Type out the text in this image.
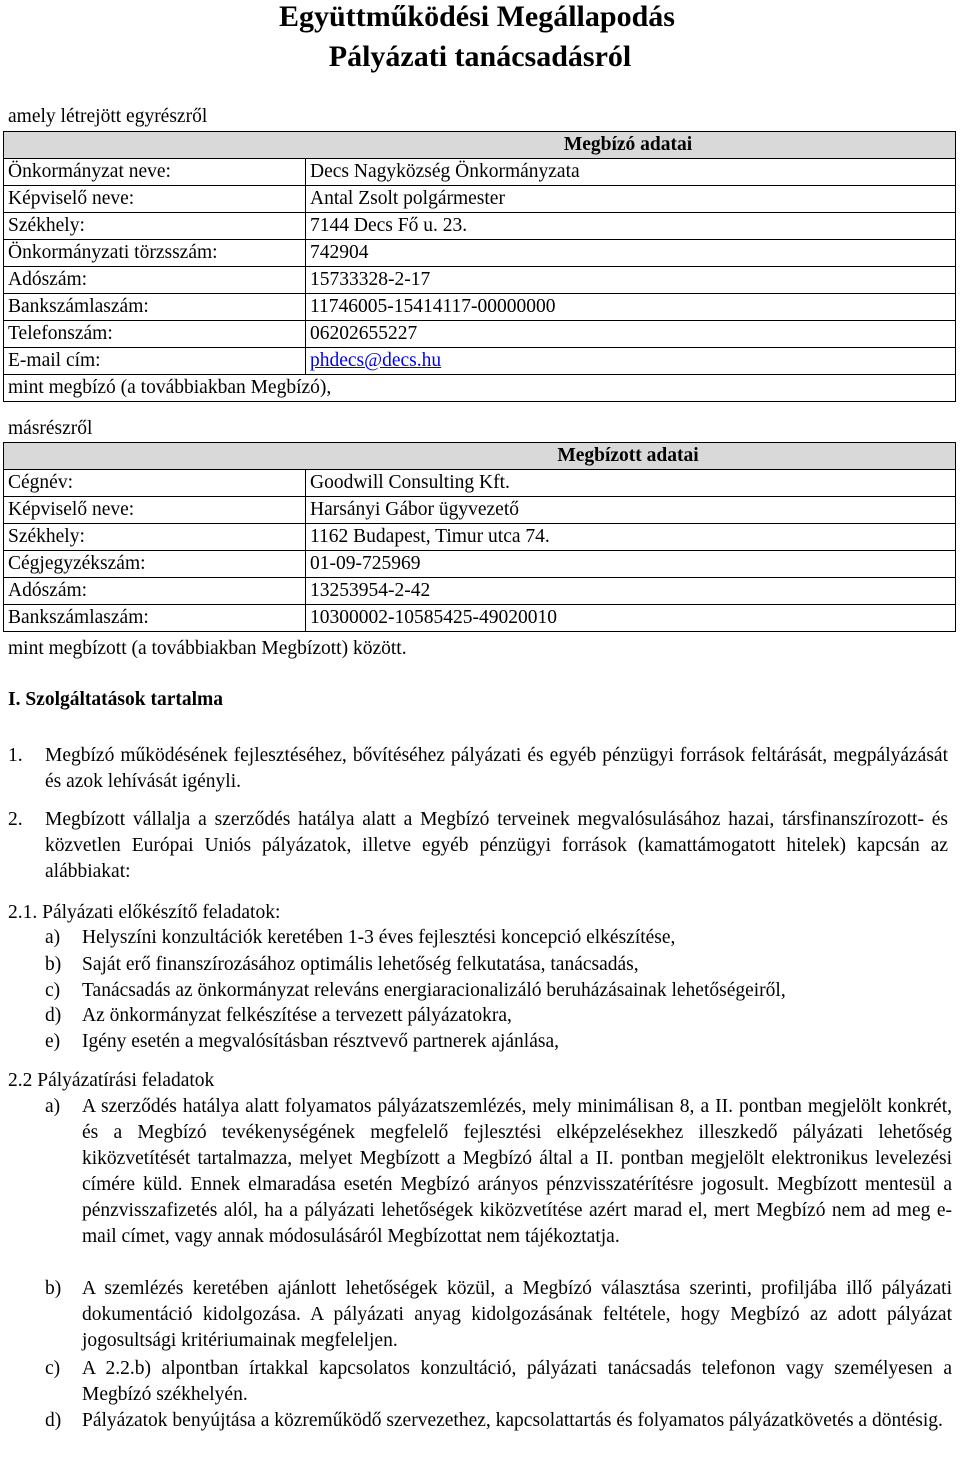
Együttműködési Megállapodás
Pályázati tanácsadásról
amely létrejött egyrészről
Megbízó adatai	
Önkormányzat neve:	Decs Nagyközség Önkormányzata
Képviselő neve:	Antal Zsolt polgármester
Székhely:	7144 Decs Fő u. 23.
Önkormányzati törzsszám:	742904
Adószám:	15733328-2-17
Bankszámlaszám:	11746005-15414117-00000000
Telefonszám:	06202655227
E-mail cím:	phdecs@decs.hu
mint megbízó (a továbbiakban Megbízó),	
másrészről
Megbízott adatai	
Cégnév:	Goodwill Consulting Kft.
Képviselő neve:	Harsányi Gábor ügyvezető
Székhely:	1162 Budapest, Timur utca 74.
Cégjegyzékszám:	01-09-725969
Adószám:	13253954-2-42
Bankszámlaszám:	10300002-10585425-49020010
mint megbízott (a továbbiakban Megbízott) között.
I. Szolgáltatások tartalma
1. Megbízó működésének fejlesztéséhez, bővítéséhez pályázati és egyéb pénzügyi források feltárását, megpályázását és azok lehívását igényli.
2. Megbízott vállalja a szerződés hatálya alatt a Megbízó terveinek megvalósulásához hazai, társfinanszírozott- és közvetlen Európai Uniós pályázatok, illetve egyéb pénzügyi források (kamattámogatott hitelek) kapcsán az alábbiakat:
2.1. Pályázati előkészítő feladatok:
a) Helyszíni konzultációk keretében 1-3 éves fejlesztési koncepció elkészítése,
b) Saját erő finanszírozásához optimális lehetőség felkutatása, tanácsadás,
c) Tanácsadás az önkormányzat releváns energiaracionalizáló beruházásainak lehetőségeiről,
d) Az önkormányzat felkészítése a tervezett pályázatokra,
e) Igény esetén a megvalósításban résztvevő partnerek ajánlása,
2.2 Pályázatírási feladatok
a) A szerződés hatálya alatt folyamatos pályázatszemlézés, mely minimálisan 8, a II. pontban megjelölt konkrét, és a Megbízó tevékenységének megfelelő fejlesztési elképzelésekhez illeszkedő pályázati lehetőség kiközvetítését tartalmazza, melyet Megbízott a Megbízó által a II. pontban megjelölt elektronikus levelezési címére küld. Ennek elmaradása esetén Megbízó arányos pénzvisszatérítésre jogosult. Megbízott mentesül a pénzvisszafizetés alól, ha a pályázati lehetőségek kiközvetítése azért marad el, mert Megbízó nem ad meg e-mail címet, vagy annak módosulásáról Megbízottat nem tájékoztatja.
b) A szemlézés keretében ajánlott lehetőségek közül, a Megbízó választása szerinti, profiljába illő pályázati dokumentáció kidolgozása. A pályázati anyag kidolgozásának feltétele, hogy Megbízó az adott pályázat jogosultsági kritériumainak megfeleljen.
c) A 2.2.b) alpontban írtakkal kapcsolatos konzultáció, pályázati tanácsadás telefonon vagy személyesen a Megbízó székhelyén.
d) Pályázatok benyújtása a közreműködő szervezethez, kapcsolattartás és folyamatos pályázatkövetés a döntésig.
